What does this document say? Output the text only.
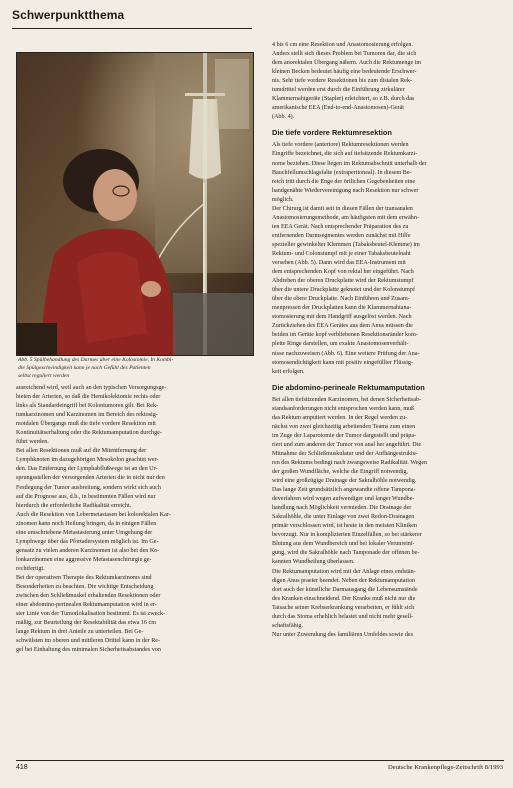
Schwerpunktthema
Abb. 5 Spülbehandlung des Darmes über eine Kolostomie. In Kombi-
die Spülgeschwindigkeit kann je nach Gefühl des Patienten
selbst reguliert werden

ausreichend wird, weil auch an den typischen Versorgungsge-
bieten der Arterien, so daß die Hemikolektomie rechts oder
links als Standardeingriff bei Kolontumoren gilt. Bei Rek-
tumkarzinomen und Karzinomen im Bereich des rektosig-
moidalen Übergangs muß die tiefe vordere Resektion mit
Kontinuitätserhaltung oder die Rektumamputation durchge-
führt werden.

Bei allen Resektionen muß auf die Mitentfernung der
Lymphknoten im dazugehörigen Mesokolon geachtet wer-
den. Das Entfernung der Lymphabflußwege ist an den Ur-
sprungsstellen der versorgenden Arterien die in nicht nur den
Festlegung der Tumor ausbreitung, sondern wirkt sich auch
auf die Prognose aus, d.h., in bestimmten Fällen wird nur
hierdurch die erforderliche Radikalität erreicht.

Auch die Resektion von Lebermetastasen bei kolorektalen Kar-
zinomen kann noch Heilung bringen, da in einigen Fällen
eine umschriebene Metastasierung unter Umgehung der
Lymphwege über das Pfortadersystem möglich ist. Im Ge-
gensatz zu vielen anderen Karzinomen ist also bei den Ko-
lonkarzinomen eine aggressive Metastasenchirurgie ge-
rechtfertigt.

Bei der operativen Therapie des Rektumkarzinoms sind
Besonderheiten zu beachten. Die wichtige Entscheidung
zwischen den Schließmuskel erhaltenden Resektionen oder
einer abdomino-perinealen Rektumamputation wird in er-
ster Linie von der Tumorlokalisation bestimmt. Es ist zweck-
mäßig, zur Beurteilung der Resektabilität das etwa 16 cm
lange Rektum in drei Anteile zu unterteilen. Bei Ge-
schwülsten im oberen und mittleren Drittel kann in der Re-
gel bei Einhaltung des minimalen Sicherheitsabstandes von

4 bis 6 cm eine Resektion und Anastomosierung erfolgen.
Anders stellt sich dieses Problem bei Tumoren dar, die sich
dem anorektalen Übergang nähern. Auch die Rektumenge im
kleinen Becken bedeutet häufig eine bedeutende Erschwer-
nis. Sehr tiefe vordere Resektionen bis zum distalen Rek-
tumdrittel werden erst durch die Einführung zirkulärer
Klammernahtgeräte (Stapler) erleichtert, so z.B. durch das
amerikanische EEA (End-to-end-Anastomosen)-Gerät
(Abb. 4).

Die tiefe vordere Rektumresektion

Als tiefe vordere (anteriore) Rektumresektionen werden
Eingriffe bezeichnet, die sich auf tiefsitzende Rektumkarzi-
nome beziehen. Diese liegen im Rektumabschnitt unterhalb der
Bauchfellumschlagsfalte (extraperitoneal). In diesem Be-
reich tritt durch die Enge der örtlichen Gegebenheiten eine
handgenähte Wiedervereinigung nach Resektion nur schwer
möglich.

Der Chirurg ist damit seit in diesen Fällen der transanalen
Anastomosierungsmethode, am häufigsten mit dem erwähn-
ten EEA Gerät. Nach entsprechender Präparation des zu
entfernenden Darmsegmentes werden zunächst mit Hilfe
spezieller gewinkelter Klemmen (Tabaksbeutel-Klemme) im
Rektum- und Colonstumpf mit je einer Tabaksbeutelnaht
versehen (Abb. 5). Dann wird das EEA-Instrument mit
dem entsprechenden Kopf von rektal her eingeführt. Nach
Abdrehen der oberen Druckplatte wird der Rektumstumpf
über die untere Druckplatte geknotet und der Kolonstumpf
über die obere Druckplatte. Nach Einführen und Zusam-
menpressen der Druckplatten kann die Klammernahtana-
stomosierung mit dem Handgriff ausgelöst werden. Nach
Zurückziehen des EEA Gerätes aus dem Anus müssen die
beiden im Geräte kopf verbliebenen Resektionsränder kom-
plette Ringe darstellen, um exakte Anastomosenverhält-
nisse nachzuweisen (Abb. 6). Eine weitere Prüfung der Ana-
stomosendichtigkeit kann mit positiv eingefüllter Flüssig-
keit erfolgen.

Die abdomino-perineale Rektumamputation

Bei allen tiefsitzenden Karzinomen, bei denen Sicherheitsab-
standsanforderungen nicht entsprochen werden kann, muß
das Rektum amputiert werden. In der Regel werden zu-
nächst von zwei gleichzeitig arbeitenden Teams zum einen
im Zuge der Laparotomie der Tumor dargestellt und präpa-
riert und zum anderen der Tumor von anal her angeführt. Die
Mitnahme der Schließmuskulatur und der Aufhängestruktu-
ren des Rektums bedingt nach zwangsweise Radikalität. Wegen
der großen Wundfläche, welche die Eingriff notwendig,
wird eine großzügige Drainage der Sakralhöhle notwendig.

Das lange Zeit grundsätzlich angewandte offene Tampona-
deverfahren wird wegen aufwendiger und langer Wundbe-
handlung nach Möglichkeit vermieden. Die Drainage der
Sakralhöhle, die unter Einlage von zwei Redon-Drainagen
primär verschlossen wird, ist heute in den meisten Kliniken
bevorzugt. Nur in komplizierten Einzelfällen, so bei stärkerer
Blutung aus dem Wundbereich und bei lokaler Verunreini-
gung, wird die Sakralhöhle nach Tamponade der offenen be-
kannten Wundheilung überlassen.

Die Rektumamputation wird mit der Anlage eines endstän-
digen Anus praeter beendet. Neben der Rektumamputation
dort auch der künstliche Darmausgang die Lebensumstände
des Kranken einschneidend. Der Kranke muß nicht nur die
Tatsache seiner Krebserkrankung verarbeiten, er fühlt sich
durch das Stoma erheblich belastet und nicht mehr gesell-
schaftsfähig.

Nur unter Zuwendung des familiären Umfeldes sowie des

418	Deutsche Krankenpflege-Zeitschrift 8/1993
